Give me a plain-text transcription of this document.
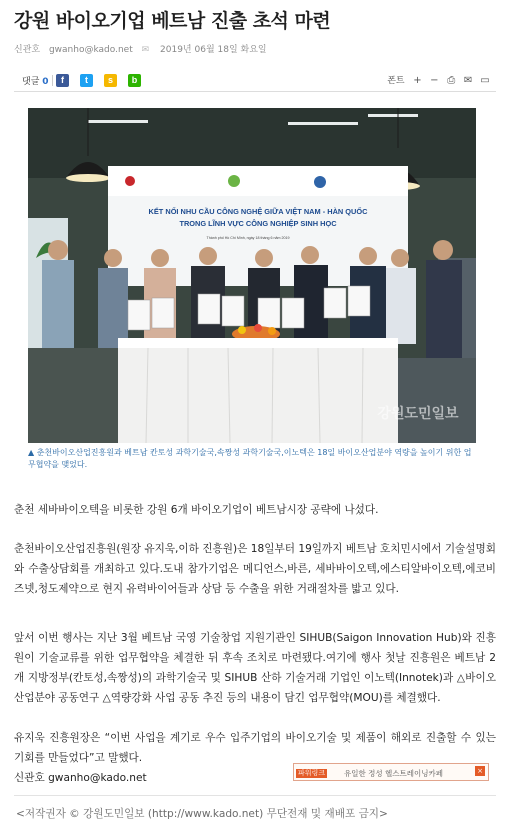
강원 바이오기업 베트남 진출 초석 마련
신관호 gwanho@kado.net ✉ 2019년 06월 18일 화요일
댓글 0	f	t	s	b	폰트 + − ⎙ ✉ ▭
KẾT NỐI NHU CẦU CÔNG NGHỆ GIỮA VIỆT NAM - HÀN QUỐC
TRONG LĨNH VỰC CÔNG NGHIỆP SINH HỌC
Thành phố Hồ Chí Minh, ngày 18 tháng 6 năm 2019
강원도민일보
▲ 춘천바이오산업진흥원과 베트남 칸토성 과학기술국,속짱성 과학기술국,이노텍은 18일 바이오산업분야 역량을 높이기 위한 업무협약을 맺었다.

춘천 세바바이오텍을 비롯한 강원 6개 바이오기업이 베트남시장 공략에 나섰다.

춘천바이오산업진흥원(원장 유지욱,이하 진흥원)은 18일부터 19일까지 베트남 호치민시에서 기술설명회와 수출상담회를 개최하고 있다.도내 참가기업은 메디언스,바른, 세바바이오텍,에스티알바이오텍,에코비즈넷,청도제약으로 현지 유력바이어들과 상담 등 수출을 위한 거래절차를 밟고 있다.

앞서 이번 행사는 지난 3월 베트남 국영 기술창업 지원기관인 SIHUB(Saigon Innovation Hub)와 진흥원이 기술교류를 위한 업무협약을 체결한 뒤 후속 조치로 마련됐다.여기에 행사 첫날 진흥원은 베트남 2개 지방정부(칸토성,속짱성)의 과학기술국 및 SIHUB 산하 기술거래 기업인 이노텍(Innotek)과 △바이오산업분야 공동연구 △역량강화 사업 공동 추진 등의 내용이 담긴 업무협약(MOU)를 체결했다.

유지욱 진흥원장은 “이번 사업을 계기로 우수 입주기업의 바이오기술 및 제품이 해외로 진출할 수 있는 기회를 만들었다”고 말했다.

신관호 gwanho@kado.net	파워링크	유일한 정성 헬스트레이닝카페	×
<저작권자 © 강원도민일보 (http://www.kado.net) 무단전재 및 재배포 금지>
